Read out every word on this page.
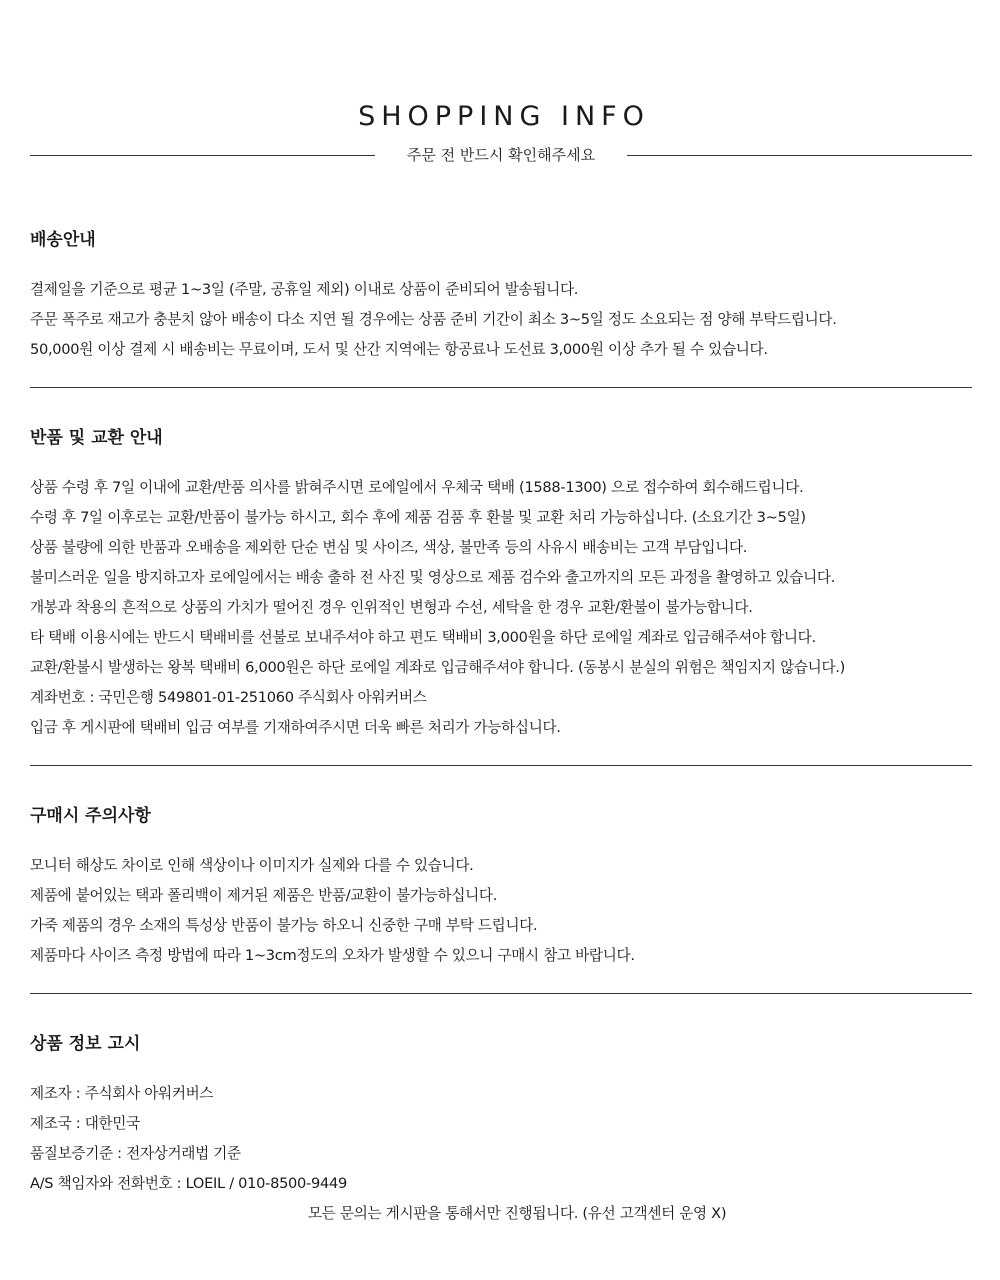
SHOPPING INFO
주문 전 반드시 확인해주세요
배송안내
결제일을 기준으로 평균 1~3일 (주말, 공휴일 제외) 이내로 상품이 준비되어 발송됩니다.
주문 폭주로 재고가 충분치 않아 배송이 다소 지연 될 경우에는 상품 준비 기간이 최소 3~5일 정도 소요되는 점 양해 부탁드립니다.
50,000원 이상 결제 시 배송비는 무료이며, 도서 및 산간 지역에는 항공료나 도선료 3,000원 이상 추가 될 수 있습니다.
반품 및 교환 안내
상품 수령 후 7일 이내에 교환/반품 의사를 밝혀주시면 로에일에서 우체국 택배 (1588-1300) 으로 접수하여 회수해드립니다.
수령 후 7일 이후로는 교환/반품이 불가능 하시고, 회수 후에 제품 검품 후 환불 및 교환 처리 가능하십니다. (소요기간 3~5일)
상품 불량에 의한 반품과 오배송을 제외한 단순 변심 및 사이즈, 색상, 불만족 등의 사유시 배송비는 고객 부담입니다.
불미스러운 일을 방지하고자 로에일에서는 배송 출하 전 사진 및 영상으로 제품 검수와 출고까지의 모든 과정을 촬영하고 있습니다.
개봉과 착용의 흔적으로 상품의 가치가 떨어진 경우 인위적인 변형과 수선, 세탁을 한 경우 교환/환불이 불가능합니다.
타 택배 이용시에는 반드시 택배비를 선불로 보내주셔야 하고 편도 택배비 3,000원을 하단 로에일 계좌로 입금해주셔야 합니다.
교환/환불시 발생하는 왕복 택배비 6,000원은 하단 로에일 계좌로 입금해주셔야 합니다. (동봉시 분실의 위험은 책임지지 않습니다.)
계좌번호 : 국민은행 549801-01-251060 주식회사 아워커버스
입금 후 게시판에 택배비 입금 여부를 기재하여주시면 더욱 빠른 처리가 가능하십니다.
구매시 주의사항
모니터 해상도 차이로 인해 색상이나 이미지가 실제와 다를 수 있습니다.
제품에 붙어있는 택과 폴리백이 제거된 제품은 반품/교환이 불가능하십니다.
가죽 제품의 경우 소재의 특성상 반품이 불가능 하오니 신중한 구매 부탁 드립니다.
제품마다 사이즈 측정 방법에 따라 1~3cm정도의 오차가 발생할 수 있으니 구매시 참고 바랍니다.
상품 정보 고시
제조자 : 주식회사 아워커버스
제조국 : 대한민국
품질보증기준 : 전자상거래법 기준
A/S 책임자와 전화번호 : LOEIL / 010-8500-9449
모든 문의는 게시판을 통해서만 진행됩니다. (유선 고객센터 운영 X)
